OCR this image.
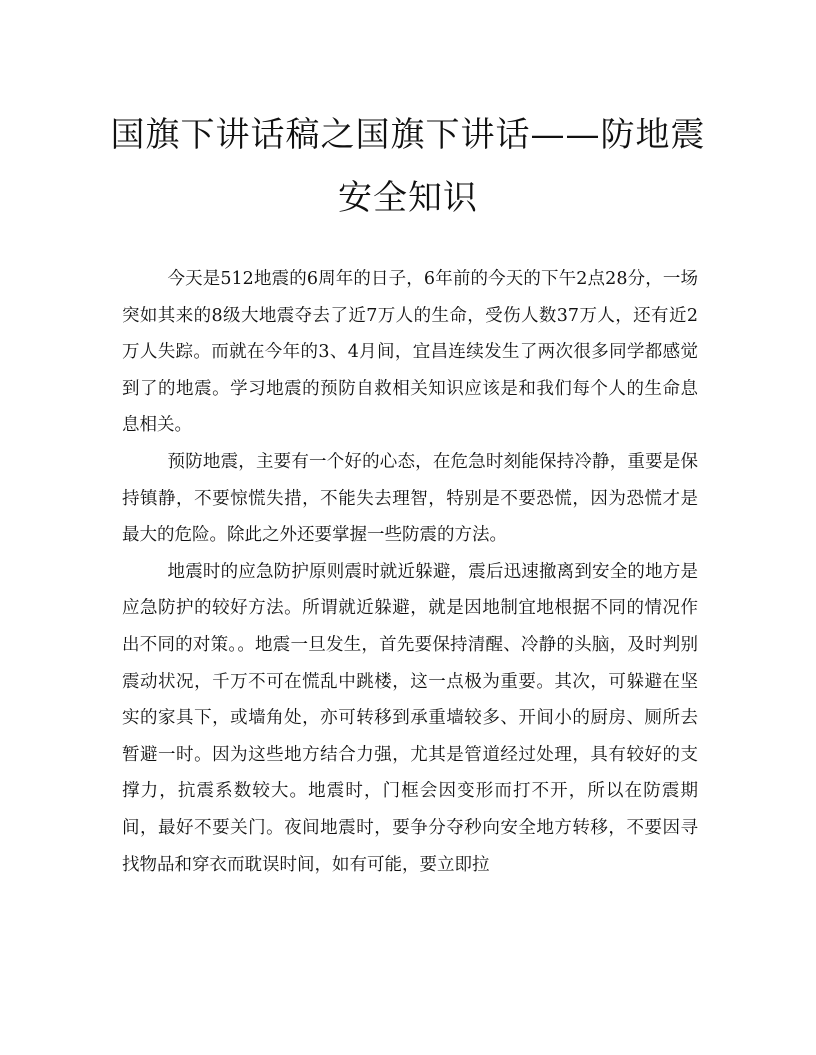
国旗下讲话稿之国旗下讲话——防地震安全知识

今天是512地震的6周年的日子，6年前的今天的下午2点28分，一场突如其来的8级大地震夺去了近7万人的生命，受伤人数37万人，还有近2万人失踪。而就在今年的3、4月间，宜昌连续发生了两次很多同学都感觉到了的地震。学习地震的预防自救相关知识应该是和我们每个人的生命息息相关。

预防地震，主要有一个好的心态，在危急时刻能保持冷静，重要是保持镇静，不要惊慌失措，不能失去理智，特别是不要恐慌，因为恐慌才是最大的危险。除此之外还要掌握一些防震的方法。

地震时的应急防护原则震时就近躲避，震后迅速撤离到安全的地方是应急防护的较好方法。所谓就近躲避，就是因地制宜地根据不同的情况作出不同的对策。。地震一旦发生，首先要保持清醒、冷静的头脑，及时判别震动状况，千万不可在慌乱中跳楼，这一点极为重要。其次，可躲避在坚实的家具下，或墙角处，亦可转移到承重墙较多、开间小的厨房、厕所去暂避一时。因为这些地方结合力强，尤其是管道经过处理，具有较好的支撑力，抗震系数较大。地震时，门框会因变形而打不开，所以在防震期间，最好不要关门。夜间地震时，要争分夺秒向安全地方转移，不要因寻找物品和穿衣而耽误时间，如有可能，要立即拉
